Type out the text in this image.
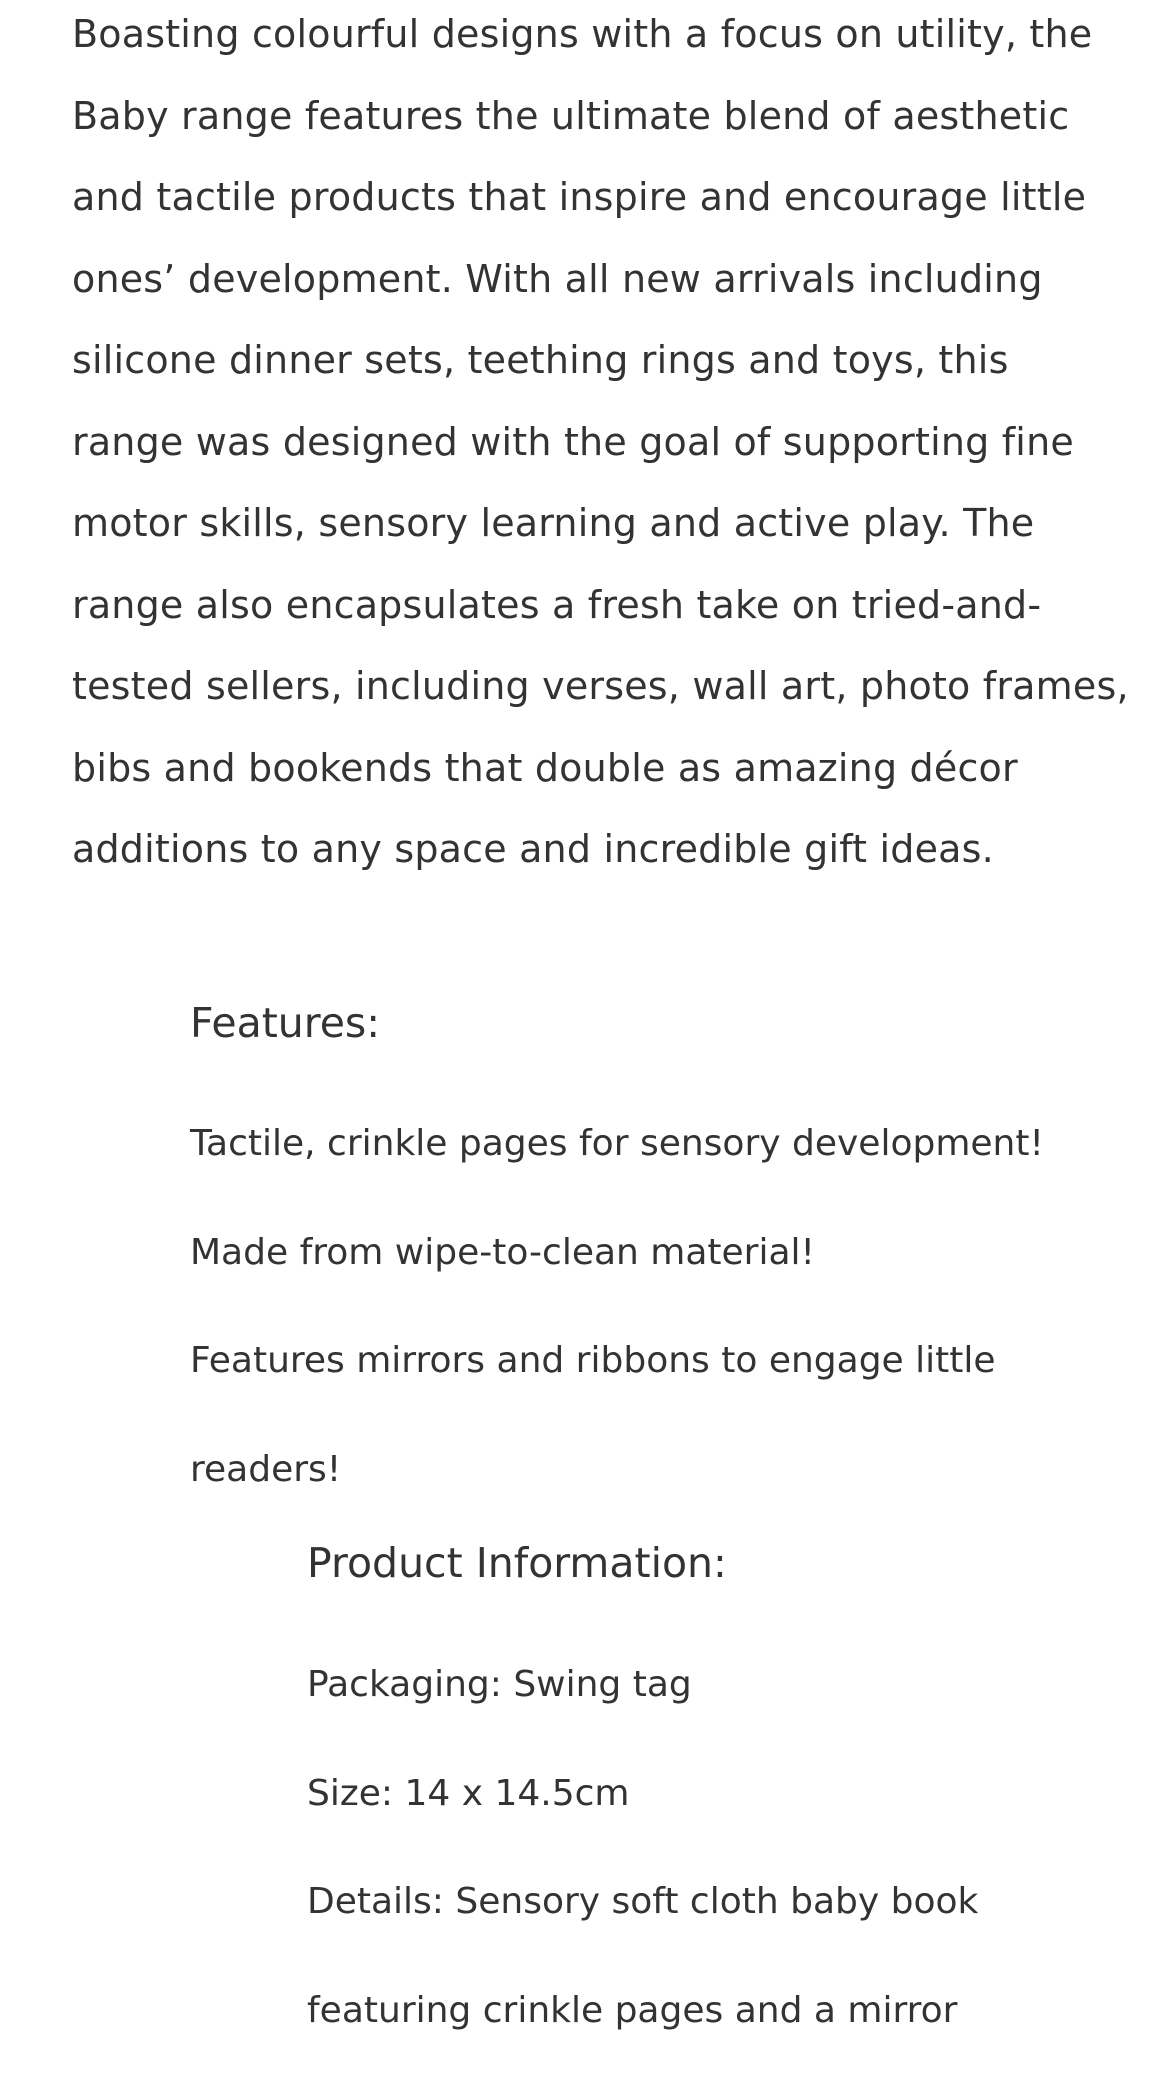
Boasting colourful designs with a focus on utility, the Baby range features the ultimate blend of aesthetic and tactile products that inspire and encourage little ones’ development. With all new arrivals including silicone dinner sets, teething rings and toys, this range was designed with the goal of supporting fine motor skills, sensory learning and active play. The range also encapsulates a fresh take on tried-and-tested sellers, including verses, wall art, photo frames, bibs and bookends that double as amazing décor additions to any space and incredible gift ideas.

Features:
Tactile, crinkle pages for sensory development!
Made from wipe-to-clean material!
Features mirrors and ribbons to engage little readers!
Product Information:
Packaging: Swing tag
Size: 14 x 14.5cm
Details: Sensory soft cloth baby book featuring crinkle pages and a mirror
